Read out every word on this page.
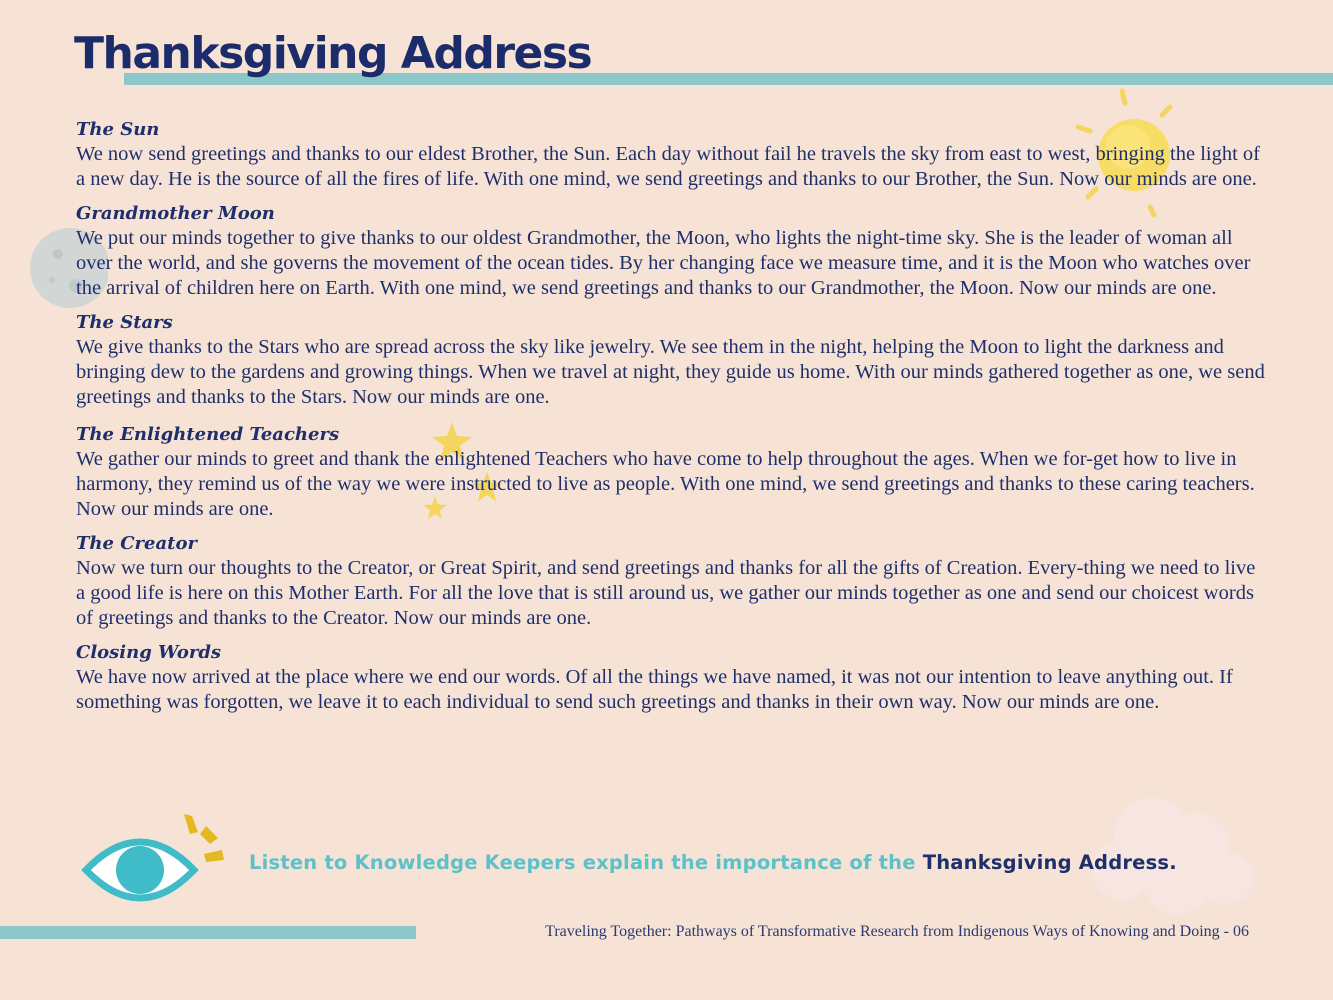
Thanksgiving Address
The Sun

We now send greetings and thanks to our eldest Brother, the Sun. Each day without fail he travels the sky from east to west, bringing the light of a new day. He is the source of all the fires of life. With one mind, we send greetings and thanks to our Brother, the Sun. Now our minds are one.

Grandmother Moon

We put our minds together to give thanks to our oldest Grandmother, the Moon, who lights the night-time sky. She is the leader of woman all over the world, and she governs the movement of the ocean tides. By her changing face we measure time, and it is the Moon who watches over the arrival of children here on Earth. With one mind, we send greetings and thanks to our Grandmother, the Moon. Now our minds are one.

The Stars

We give thanks to the Stars who are spread across the sky like jewelry. We see them in the night, helping the Moon to light the darkness and bringing dew to the gardens and growing things. When we travel at night, they guide us home. With our minds gathered together as one, we send greetings and thanks to the Stars. Now our minds are one.

The Enlightened Teachers

We gather our minds to greet and thank the enlightened Teachers who have come to help throughout the ages. When we for-get how to live in harmony, they remind us of the way we were instructed to live as people. With one mind, we send greetings and thanks to these caring teachers. Now our minds are one.

The Creator

Now we turn our thoughts to the Creator, or Great Spirit, and send greetings and thanks for all the gifts of Creation. Every-thing we need to live a good life is here on this Mother Earth. For all the love that is still around us, we gather our minds together as one and send our choicest words of greetings and thanks to the Creator. Now our minds are one.

Closing Words

We have now arrived at the place where we end our words. Of all the things we have named, it was not our intention to leave anything out. If something was forgotten, we leave it to each individual to send such greetings and thanks in their own way. Now our minds are one.

Listen to Knowledge Keepers explain the importance of the Thanksgiving Address.
Traveling Together: Pathways of Transformative Research from Indigenous Ways of Knowing and Doing - 06
